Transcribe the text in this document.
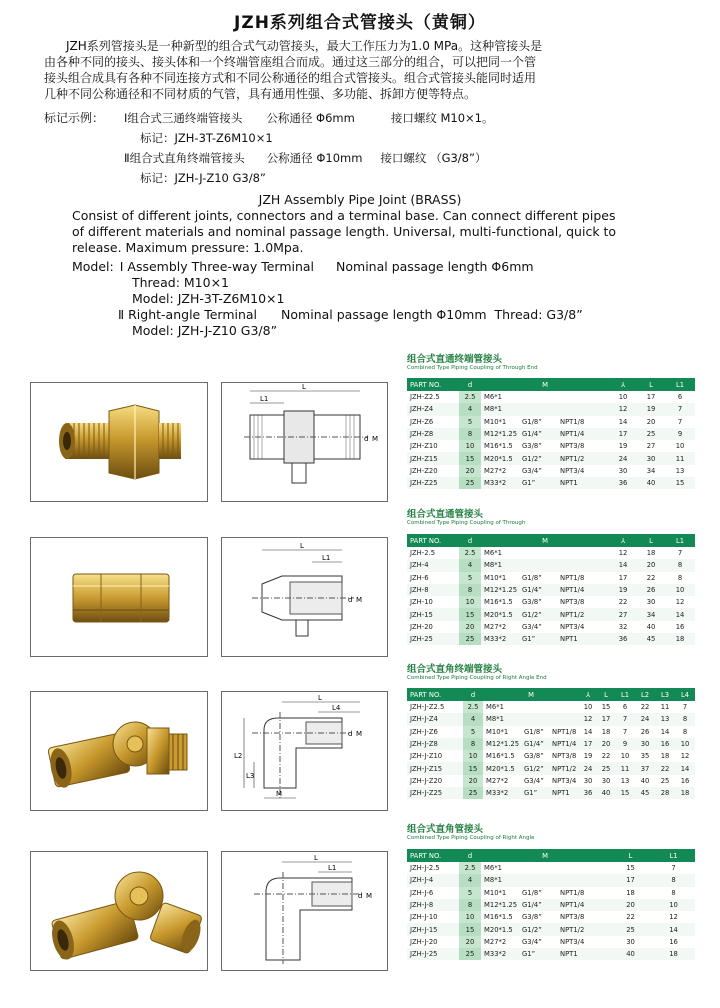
JZH系列组合式管接头（黄铜）

JZH系列管接头是一种新型的组合式气动管接头，最大工作压力为1.0 MPa。这种管接头是

由各种不同的接头、接头体和一个终端管座组合而成。通过这三部分的组合，可以把同一个管

接头组合成具有各种不同连接方式和不同公称通径的组合式管接头。组合式管接头能同时适用

几种不同公称通径和不同材质的气管，具有通用性强、多功能、拆卸方便等特点。

标记示例：	Ⅰ组合式三通终端管接头 公称通径 Φ6mm	接口螺纹 M10×1。

标记：JZH-3T-Z6M10×1

Ⅱ组合式直角终端管接头 公称通径 Φ10mm 接口螺纹 （G3/8”）

标记：JZH-J-Z10 G3/8”

JZH Assembly Pipe Joint (BRASS)

Consist of different joints, connectors and a terminal base. Can connect different pipes

of different materials and nominal passage length. Universal, multi-functional, quick to

release. Maximum pressure: 1.0Mpa.

Model: Ⅰ Assembly Three-way Terminal Nominal passage length Φ6mm

Thread: M10×1

Model: JZH-3T-Z6M10×1

Ⅱ Right-angle Terminal Nominal passage length Φ10mm Thread: G3/8”

Model: JZH-J-Z10 G3/8”

L
L1
d M
组合式直通终端管接头
Combined Type Piping Coupling of Through End
PART NO.	d	M			⅄	L	L1
JZH-Z2.5	2.5	M6*1			10	17	6
JZH-Z4	4	M8*1			12	19	7
JZH-Z6	5	M10*1	G1/8”	NPT1/8	14	20	7
JZH-Z8	8	M12*1.25	G1/4”	NPT1/4	17	25	9
JZH-Z10	10	M16*1.5	G3/8”	NPT3/8	19	27	10
JZH-Z15	15	M20*1.5	G1/2”	NPT1/2	24	30	11
JZH-Z20	20	M27*2	G3/4”	NPT3/4	30	34	13
JZH-Z25	25	M33*2	G1”	NPT1	36	40	15
L
L1
d M
组合式直通管接头
Combined Type Piping Coupling of Through
PART NO.	d	M			⅄	L	L1
JZH-2.5	2.5	M6*1			12	18	7
JZH-4	4	M8*1			14	20	8
JZH-6	5	M10*1	G1/8”	NPT1/8	17	22	8
JZH-8	8	M12*1.25	G1/4”	NPT1/4	19	26	10
JZH-10	10	M16*1.5	G3/8”	NPT3/8	22	30	12
JZH-15	15	M20*1.5	G1/2”	NPT1/2	27	34	14
JZH-20	20	M27*2	G3/4”	NPT3/4	32	40	16
JZH-25	25	M33*2	G1”	NPT1	36	45	18
L
L4
L2
L3
M
d M
组合式直角终端管接头
Combined Type Piping Coupling of Right Angle End
PART NO.	d	M			⅄	L	L1	L2	L3	L4
JZH-J-Z2.5	2.5	M6*1			10	15	6	22	11	7
JZH-J-Z4	4	M8*1			12	17	7	24	13	8
JZH-J-Z6	5	M10*1	G1/8”	NPT1/8	14	18	7	26	14	8
JZH-J-Z8	8	M12*1.25	G1/4”	NPT1/4	17	20	9	30	16	10
JZH-J-Z10	10	M16*1.5	G3/8”	NPT3/8	19	22	10	35	18	12
JZH-J-Z15	15	M20*1.5	G1/2”	NPT1/2	24	25	11	37	22	14
JZH-J-Z20	20	M27*2	G3/4”	NPT3/4	30	30	13	40	25	16
JZH-J-Z25	25	M33*2	G1”	NPT1	36	40	15	45	28	18
L
L1
d M
组合式直角管接头
Combined Type Piping Coupling of Right Angle
PART NO.	d	M			L	L1
JZH-J-2.5	2.5	M6*1			15	7
JZH-J-4	4	M8*1			17	8
JZH-J-6	5	M10*1	G1/8”	NPT1/8	18	8
JZH-J-8	8	M12*1.25	G1/4”	NPT1/4	20	10
JZH-J-10	10	M16*1.5	G3/8”	NPT3/8	22	12
JZH-J-15	15	M20*1.5	G1/2”	NPT1/2	25	14
JZH-J-20	20	M27*2	G3/4”	NPT3/4	30	16
JZH-J-25	25	M33*2	G1”	NPT1	40	18
